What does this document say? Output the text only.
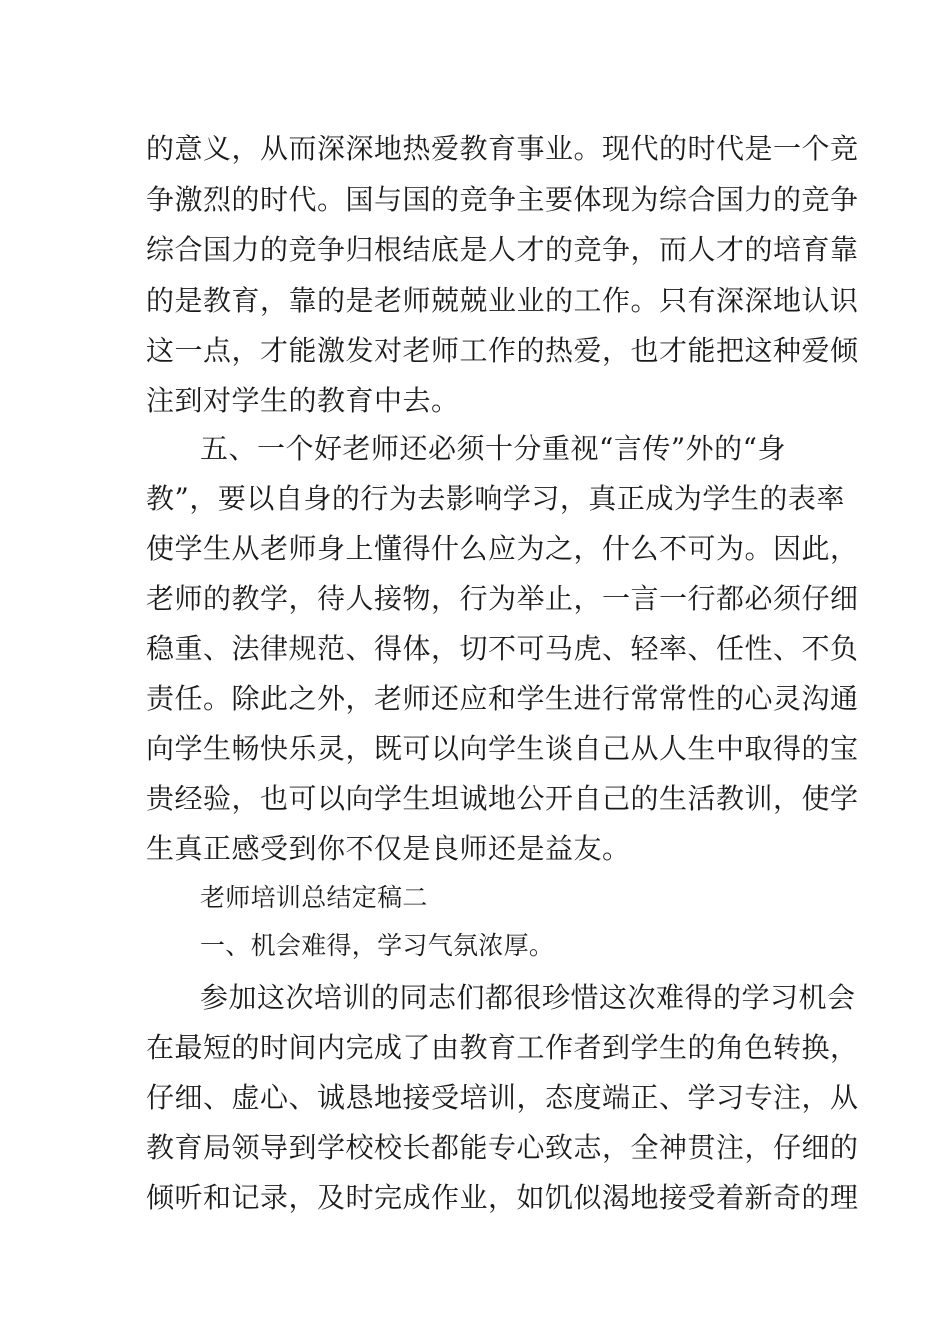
的意义，从而深深地热爱教育事业。现代的时代是一个竞
争激烈的时代。国与国的竞争主要体现为综合国力的竞争
综合国力的竞争归根结底是人才的竞争，而人才的培育靠
的是教育，靠的是老师兢兢业业的工作。只有深深地认识
这一点，才能激发对老师工作的热爱，也才能把这种爱倾
注到对学生的教育中去。
五、一个好老师还必须十分重视“言传”外的“身
教”，要以自身的行为去影响学习，真正成为学生的表率
使学生从老师身上懂得什么应为之，什么不可为。因此，
老师的教学，待人接物，行为举止，一言一行都必须仔细
稳重、法律规范、得体，切不可马虎、轻率、任性、不负
责任。除此之外，老师还应和学生进行常常性的心灵沟通
向学生畅快乐灵，既可以向学生谈自己从人生中取得的宝
贵经验，也可以向学生坦诚地公开自己的生活教训，使学
生真正感受到你不仅是良师还是益友。
老师培训总结定稿二
一、机会难得，学习气氛浓厚。
参加这次培训的同志们都很珍惜这次难得的学习机会
在最短的时间内完成了由教育工作者到学生的角色转换，
仔细、虚心、诚恳地接受培训，态度端正、学习专注，从
教育局领导到学校校长都能专心致志，全神贯注，仔细的
倾听和记录，及时完成作业，如饥似渴地接受着新奇的理
